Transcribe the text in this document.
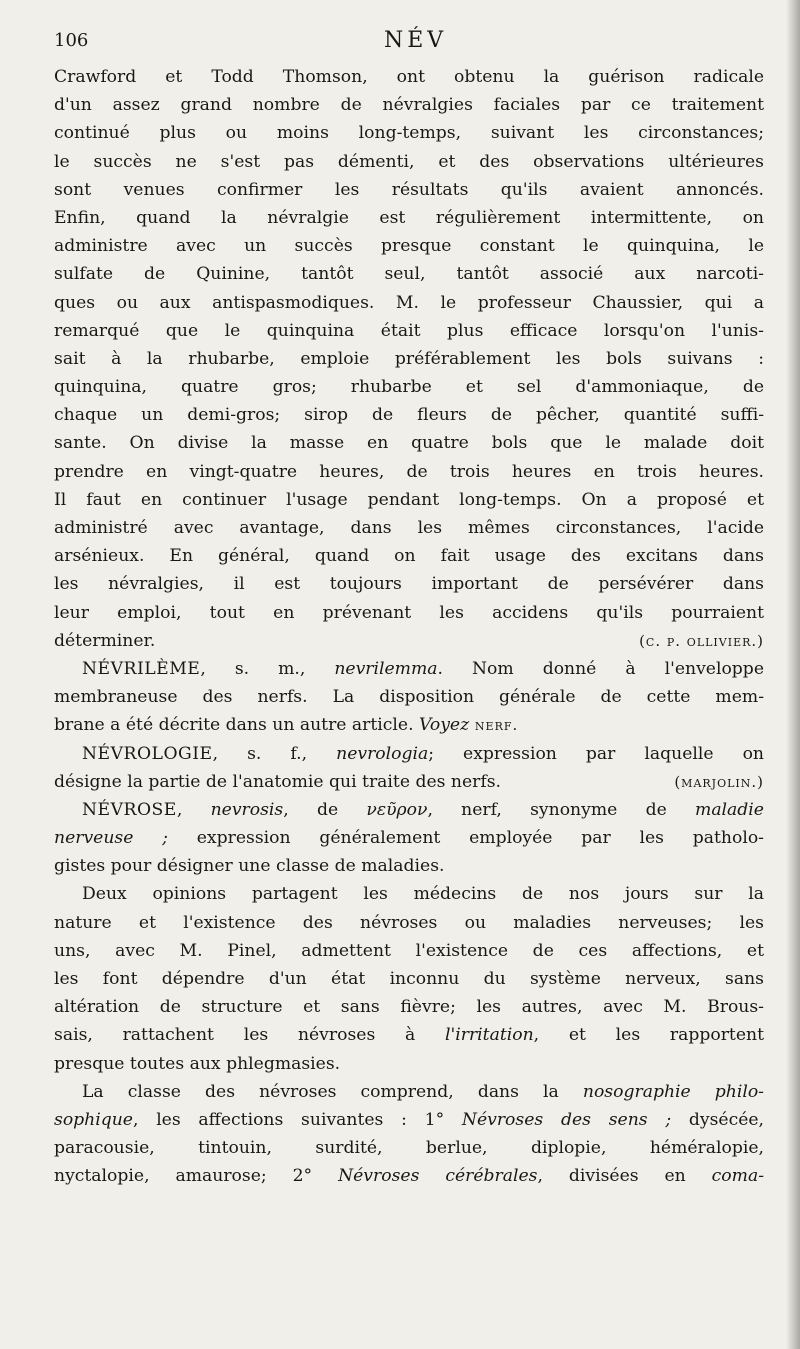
106	NÉV
Crawford et Todd Thomson, ont obtenu la guérison radicale
d'un assez grand nombre de névralgies faciales par ce traitement
continué plus ou moins long-temps, suivant les circonstances;
le succès ne s'est pas démenti, et des observations ultérieures
sont venues confirmer les résultats qu'ils avaient annoncés.
Enfin, quand la névralgie est régulièrement intermittente, on
administre avec un succès presque constant le quinquina, le
sulfate de Quinine, tantôt seul, tantôt associé aux narcoti-
ques ou aux antispasmodiques. M. le professeur Chaussier, qui a
remarqué que le quinquina était plus efficace lorsqu'on l'unis-
sait à la rhubarbe, emploie préférablement les bols suivans :
quinquina, quatre gros; rhubarbe et sel d'ammoniaque, de
chaque un demi-gros; sirop de fleurs de pêcher, quantité suffi-
sante. On divise la masse en quatre bols que le malade doit
prendre en vingt-quatre heures, de trois heures en trois heures.
Il faut en continuer l'usage pendant long-temps. On a proposé et
administré avec avantage, dans les mêmes circonstances, l'acide
arsénieux. En général, quand on fait usage des excitans dans
les névralgies, il est toujours important de persévérer dans
leur emploi, tout en prévenant les accidens qu'ils pourraient
déterminer.	(c. p. ollivier.)
NÉVRILÈME, s. m., nevrilemma. Nom donné à l'enveloppe
membraneuse des nerfs. La disposition générale de cette mem-
brane a été décrite dans un autre article. Voyez nerf.
NÉVROLOGIE, s. f., nevrologia; expression par laquelle on
désigne la partie de l'anatomie qui traite des nerfs.	(marjolin.)
NÉVROSE, nevrosis, de νεῦρον, nerf, synonyme de maladie
nerveuse ; expression généralement employée par les patholo-
gistes pour désigner une classe de maladies.
Deux opinions partagent les médecins de nos jours sur la
nature et l'existence des névroses ou maladies nerveuses; les
uns, avec M. Pinel, admettent l'existence de ces affections, et
les font dépendre d'un état inconnu du système nerveux, sans
altération de structure et sans fièvre; les autres, avec M. Brous-
sais, rattachent les névroses à l'irritation, et les rapportent
presque toutes aux phlegmasies.
La classe des névroses comprend, dans la nosographie philo-
sophique, les affections suivantes : 1° Névroses des sens ; dysécée,
paracousie, tintouin, surdité, berlue, diplopie, héméralopie,
nyctalopie, amaurose; 2° Névroses cérébrales, divisées en coma-
